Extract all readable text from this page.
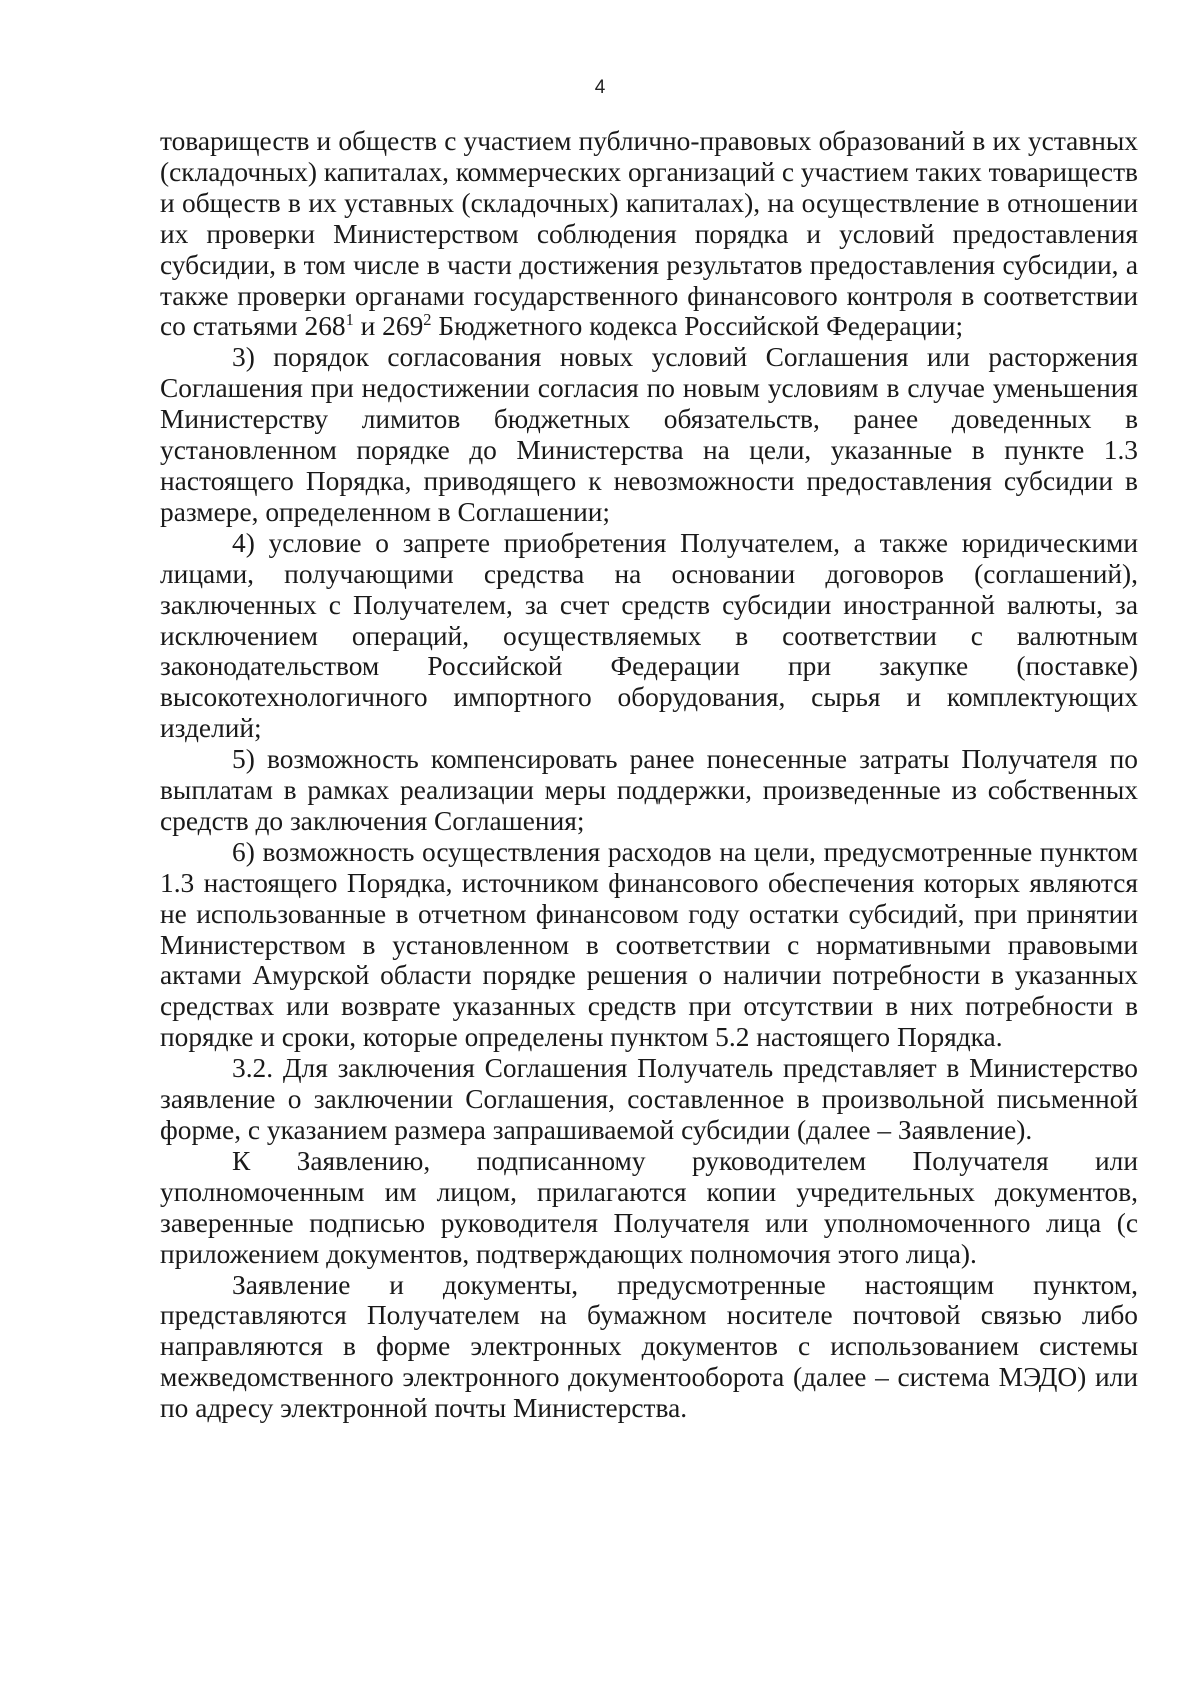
4

товариществ и обществ с участием публично-правовых образований в их уставных (складочных) капиталах, коммерческих организаций с участием таких товариществ и обществ в их уставных (складочных) капиталах), на осуществление в отношении их проверки Министерством соблюдения порядка и условий предоставления субсидии, в том числе в части достижения результатов предоставления субсидии, а также проверки органами государственного финансового контроля в соответствии со статьями $268^1$ и $269^2$ Бюджетного кодекса Российской Федерации;

3) порядок согласования новых условий Соглашения или расторжения Соглашения при недостижении согласия по новым условиям в случае уменьшения Министерству лимитов бюджетных обязательств, ранее доведенных в установленном порядке до Министерства на цели, указанные в пункте 1.3 настоящего Порядка, приводящего к невозможности предоставления субсидии в размере, определенном в Соглашении;

4) условие о запрете приобретения Получателем, а также юридическими лицами, получающими средства на основании договоров (соглашений), заключенных с Получателем, за счет средств субсидии иностранной валюты, за исключением операций, осуществляемых в соответствии с валютным законодательством Российской Федерации при закупке (поставке) высокотехнологичного импортного оборудования, сырья и комплектующих изделий;

5) возможность компенсировать ранее понесенные затраты Получателя по выплатам в рамках реализации меры поддержки, произведенные из собственных средств до заключения Соглашения;

6) возможность осуществления расходов на цели, предусмотренные пунктом 1.3 настоящего Порядка, источником финансового обеспечения которых являются не использованные в отчетном финансовом году остатки субсидий, при принятии Министерством в установленном в соответствии с нормативными правовыми актами Амурской области порядке решения о наличии потребности в указанных средствах или возврате указанных средств при отсутствии в них потребности в порядке и сроки, которые определены пунктом 5.2 настоящего Порядка.

3.2. Для заключения Соглашения Получатель представляет в Министерство заявление о заключении Соглашения, составленное в произвольной письменной форме, с указанием размера запрашиваемой субсидии (далее – Заявление).

К Заявлению, подписанному руководителем Получателя или уполномоченным им лицом, прилагаются копии учредительных документов, заверенные подписью руководителя Получателя или уполномоченного лица (с приложением документов, подтверждающих полномочия этого лица).

Заявление и документы, предусмотренные настоящим пунктом, представляются Получателем на бумажном носителе почтовой связью либо направляются в форме электронных документов с использованием системы межведомственного электронного документооборота (далее – система МЭДО) или по адресу электронной почты Министерства.
